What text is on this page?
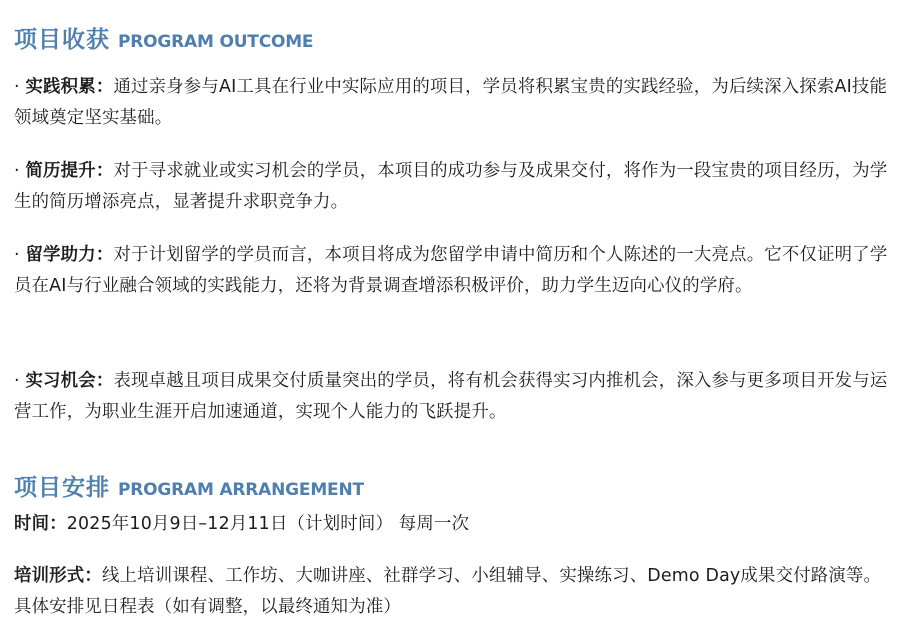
项目收获 PROGRAM OUTCOME
· 实践积累：通过亲身参与AI工具在行业中实际应用的项目，学员将积累宝贵的实践经验，为后续深入探索AI技能领域奠定坚实基础。
· 简历提升：对于寻求就业或实习机会的学员，本项目的成功参与及成果交付，将作为一段宝贵的项目经历，为学生的简历增添亮点，显著提升求职竞争力。
· 留学助力：对于计划留学的学员而言，本项目将成为您留学申请中简历和个人陈述的一大亮点。它不仅证明了学员在AI与行业融合领域的实践能力，还将为背景调查增添积极评价，助力学生迈向心仪的学府。
· 实习机会：表现卓越且项目成果交付质量突出的学员，将有机会获得实习内推机会，深入参与更多项目开发与运营工作，为职业生涯开启加速通道，实现个人能力的飞跃提升。
项目安排 PROGRAM ARRANGEMENT
时间：2025年10月9日–12月11日（计划时间） 每周一次
培训形式：线上培训课程、工作坊、大咖讲座、社群学习、小组辅导、实操练习、Demo Day成果交付路演等。具体安排见日程表（如有调整，以最终通知为准）
